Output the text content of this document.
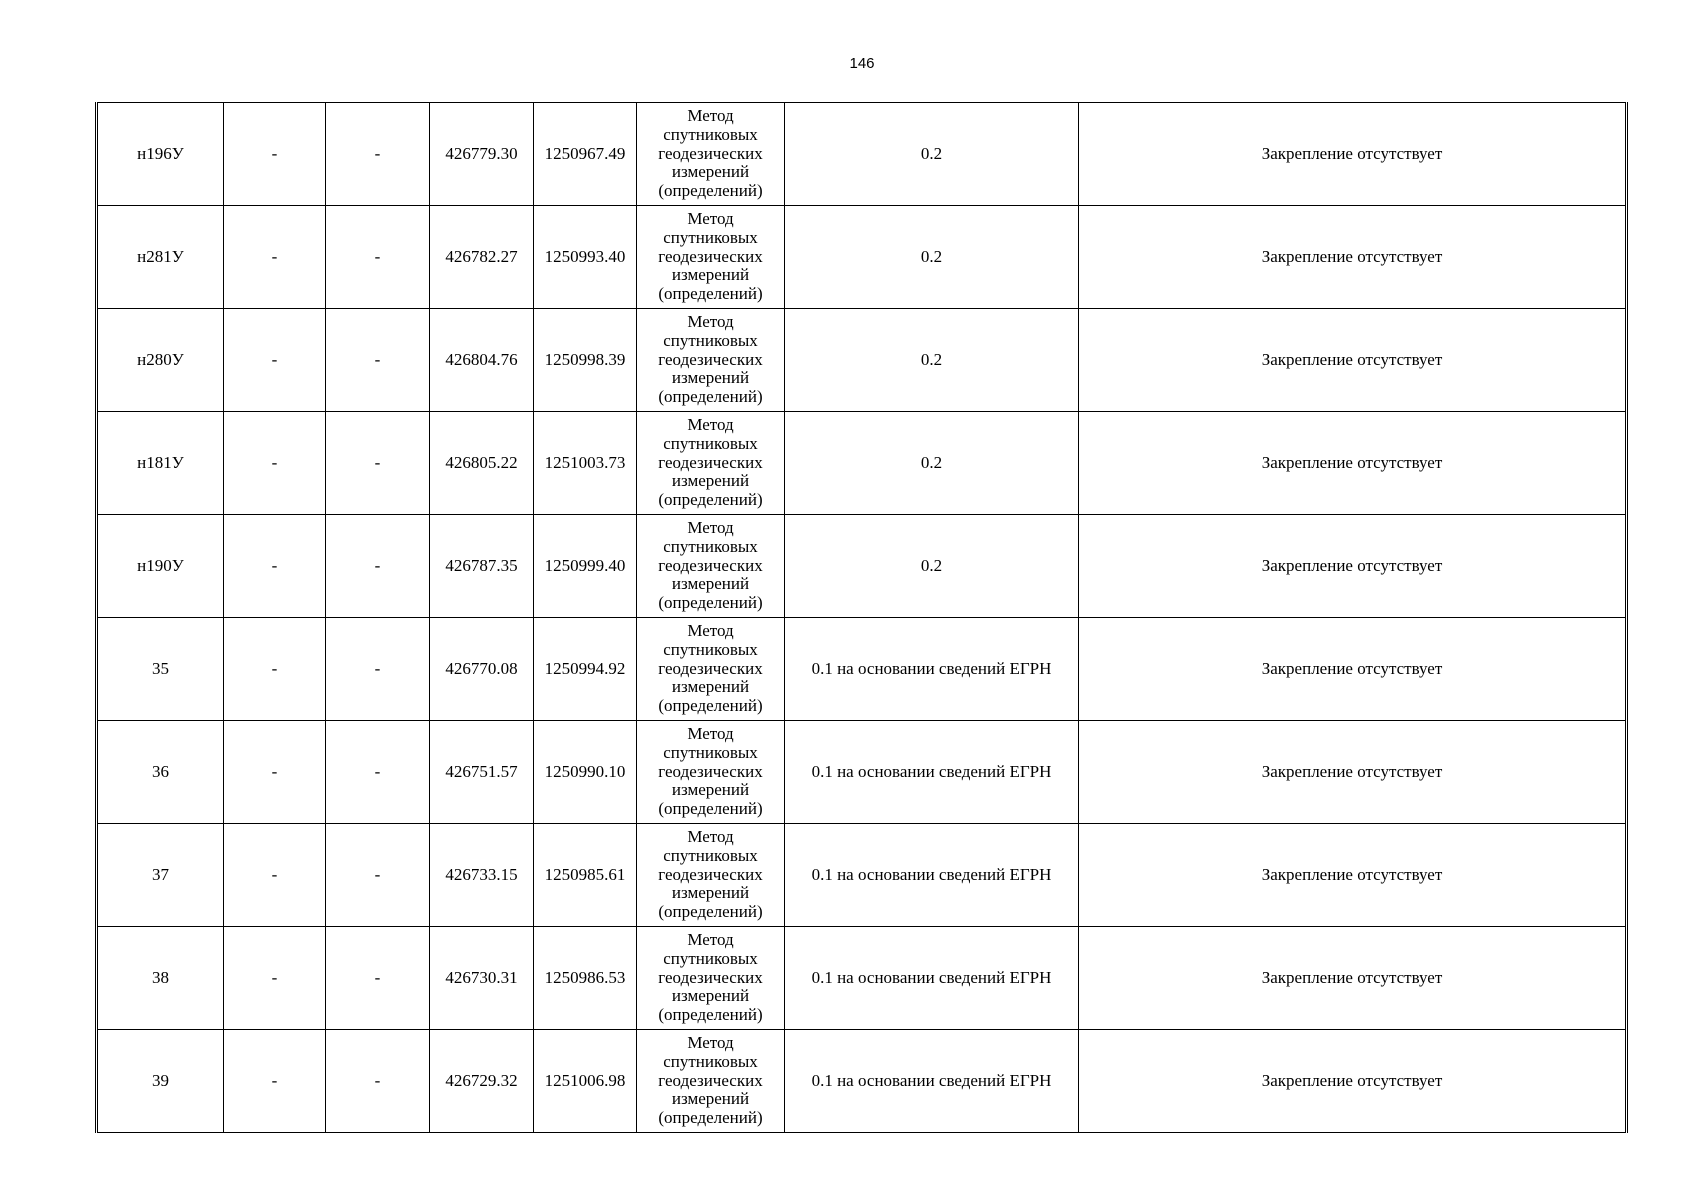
146
н196У	-	-	426779.30	1250967.49	Метод спутниковых геодезических измерений (определений)	0.2	Закрепление отсутствует
н281У	-	-	426782.27	1250993.40	Метод спутниковых геодезических измерений (определений)	0.2	Закрепление отсутствует
н280У	-	-	426804.76	1250998.39	Метод спутниковых геодезических измерений (определений)	0.2	Закрепление отсутствует
н181У	-	-	426805.22	1251003.73	Метод спутниковых геодезических измерений (определений)	0.2	Закрепление отсутствует
н190У	-	-	426787.35	1250999.40	Метод спутниковых геодезических измерений (определений)	0.2	Закрепление отсутствует
35	-	-	426770.08	1250994.92	Метод спутниковых геодезических измерений (определений)	0.1 на основании сведений ЕГРН	Закрепление отсутствует
36	-	-	426751.57	1250990.10	Метод спутниковых геодезических измерений (определений)	0.1 на основании сведений ЕГРН	Закрепление отсутствует
37	-	-	426733.15	1250985.61	Метод спутниковых геодезических измерений (определений)	0.1 на основании сведений ЕГРН	Закрепление отсутствует
38	-	-	426730.31	1250986.53	Метод спутниковых геодезических измерений (определений)	0.1 на основании сведений ЕГРН	Закрепление отсутствует
39	-	-	426729.32	1251006.98	Метод спутниковых геодезических измерений (определений)	0.1 на основании сведений ЕГРН	Закрепление отсутствует
